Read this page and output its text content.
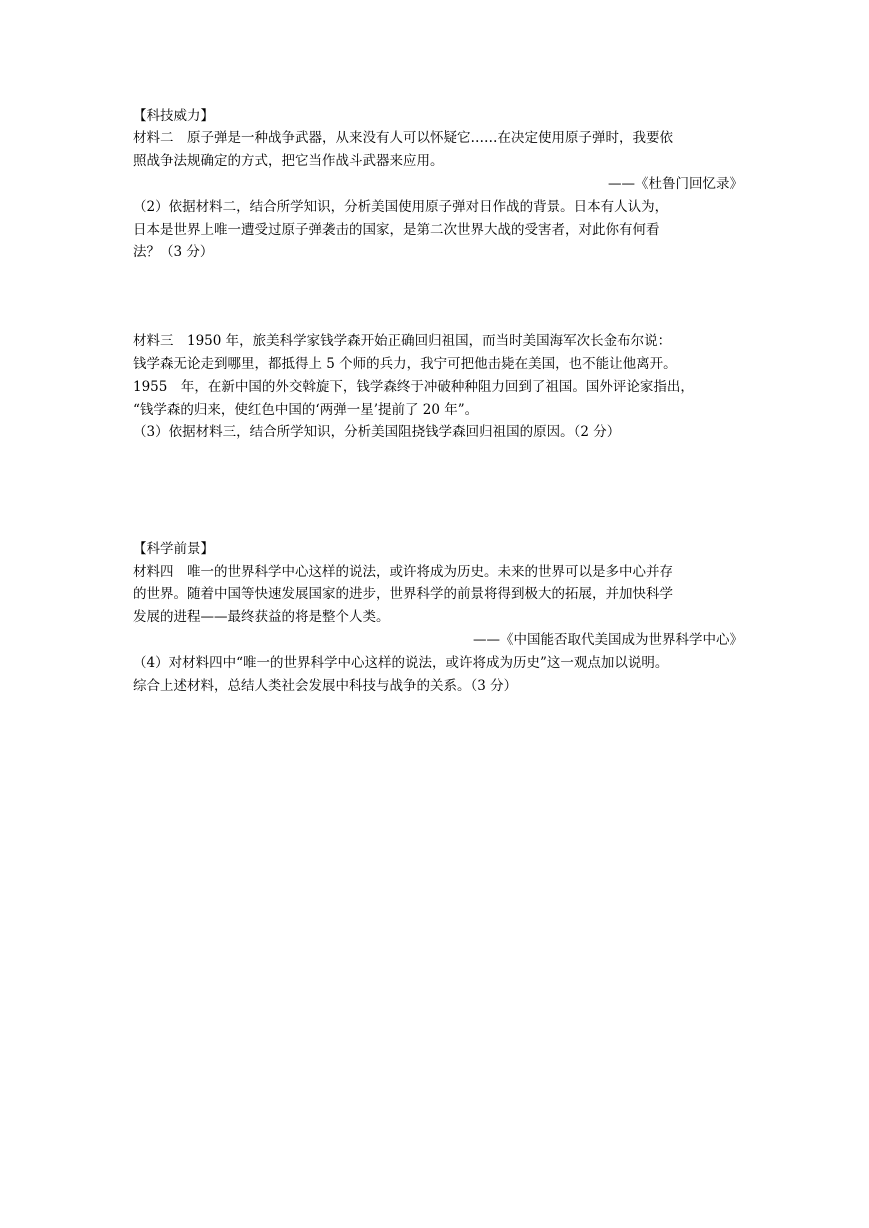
【科技威力】
材料二　原子弹是一种战争武器，从来没有人可以怀疑它……在决定使用原子弹时，我要依
照战争法规确定的方式，把它当作战斗武器来应用。
——《杜鲁门回忆录》
（2）依据材料二，结合所学知识，分析美国使用原子弹对日作战的背景。日本有人认为，
日本是世界上唯一遭受过原子弹袭击的国家，是第二次世界大战的受害者，对此你有何看
法？（3 分）
材料三　1950 年，旅美科学家钱学森开始正确回归祖国，而当时美国海军次长金布尔说：
钱学森无论走到哪里，都抵得上 5 个师的兵力，我宁可把他击毙在美国，也不能让他离开。
1955　年，在新中国的外交斡旋下，钱学森终于冲破种种阻力回到了祖国。国外评论家指出，
“钱学森的归来，使红色中国的‘两弹一星’提前了 20 年”。
（3）依据材料三，结合所学知识，分析美国阻挠钱学森回归祖国的原因。（2 分）
【科学前景】
材料四　唯一的世界科学中心这样的说法，或许将成为历史。未来的世界可以是多中心并存
的世界。随着中国等快速发展国家的进步，世界科学的前景将得到极大的拓展，并加快科学
发展的进程——最终获益的将是整个人类。
——《中国能否取代美国成为世界科学中心》
（4）对材料四中“唯一的世界科学中心这样的说法，或许将成为历史”这一观点加以说明。
综合上述材料，总结人类社会发展中科技与战争的关系。（3 分）
